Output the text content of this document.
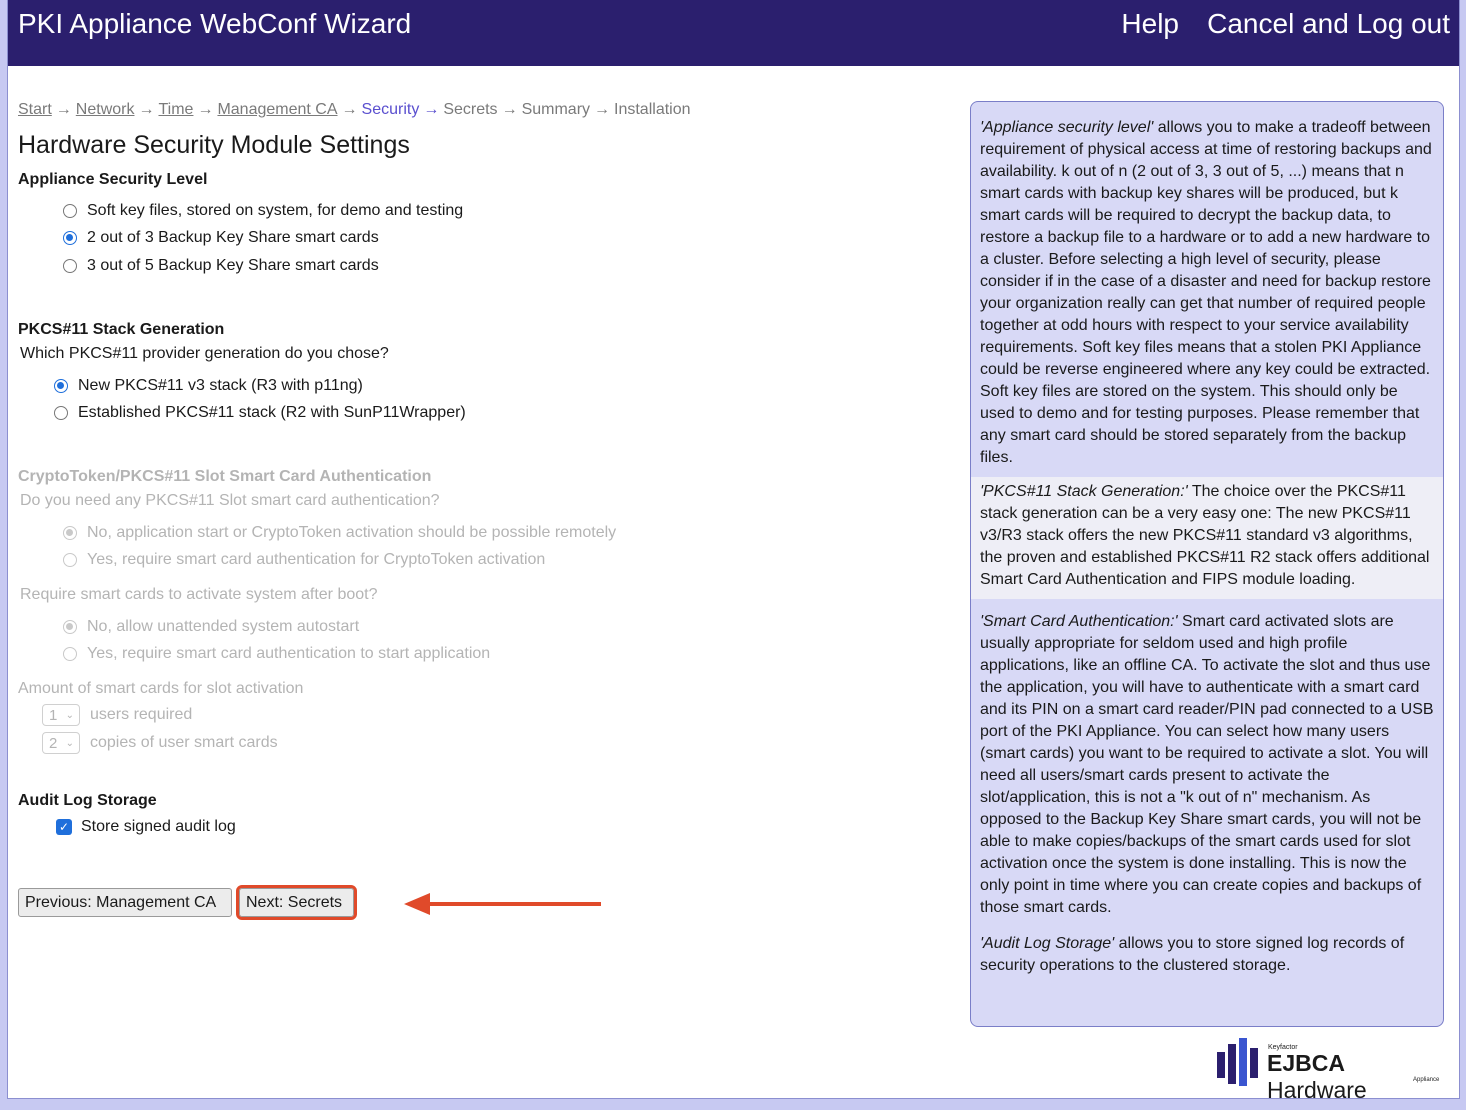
PKI Appliance WebConf Wizard	Help Cancel and Log out
Start → Network → Time → Management CA → Security → Secrets → Summary → Installation
Hardware Security Module Settings
Appliance Security Level
Soft key files, stored on system, for demo and testing
2 out of 3 Backup Key Share smart cards
3 out of 5 Backup Key Share smart cards
PKCS#11 Stack Generation
Which PKCS#11 provider generation do you chose?
New PKCS#11 v3 stack (R3 with p11ng)
Established PKCS#11 stack (R2 with SunP11Wrapper)
CryptoToken/PKCS#11 Slot Smart Card Authentication
Do you need any PKCS#11 Slot smart card authentication?
No, application start or CryptoToken activation should be possible remotely
Yes, require smart card authentication for CryptoToken activation
Require smart cards to activate system after boot?
No, allow unattended system autostart
Yes, require smart card authentication to start application
Amount of smart cards for slot activation
1 ⌄ users required
2 ⌄ copies of user smart cards
Audit Log Storage
✓ Store signed audit log
Previous: Management CA	Next: Secrets
'Appliance security level' allows you to make a tradeoff between requirement of physical access at time of restoring backups and availability. k out of n (2 out of 3, 3 out of 5, ...) means that n smart cards with backup key shares will be produced, but k smart cards will be required to decrypt the backup data, to restore a backup file to a hardware or to add a new hardware to a cluster. Before selecting a high level of security, please consider if in the case of a disaster and need for backup restore your organization really can get that number of required people together at odd hours with respect to your service availability requirements. Soft key files means that a stolen PKI Appliance could be reverse engineered where any key could be extracted. Soft key files are stored on the system. This should only be used to demo and for testing purposes. Please remember that any smart card should be stored separately from the backup files.
'PKCS#11 Stack Generation:' The choice over the PKCS#11 stack generation can be a very easy one: The new PKCS#11 v3/R3 stack offers the new PKCS#11 standard v3 algorithms, the proven and established PKCS#11 R2 stack offers additional Smart Card Authentication and FIPS module loading.
'Smart Card Authentication:' Smart card activated slots are usually appropriate for seldom used and high profile applications, like an offline CA. To activate the slot and thus use the application, you will have to authenticate with a smart card and its PIN on a smart card reader/PIN pad connected to a USB port of the PKI Appliance. You can select how many users (smart cards) you want to be required to activate a slot. You will need all users/smart cards present to activate the slot/application, this is not a "k out of n" mechanism. As opposed to the Backup Key Share smart cards, you will not be able to make copies/backups of the smart cards used for slot activation once the system is done installing. This is now the only point in time where you can create copies and backups of those smart cards.
'Audit Log Storage' allows you to store signed log records of security operations to the clustered storage.
Keyfactor
EJBCA Hardware	Appliance
